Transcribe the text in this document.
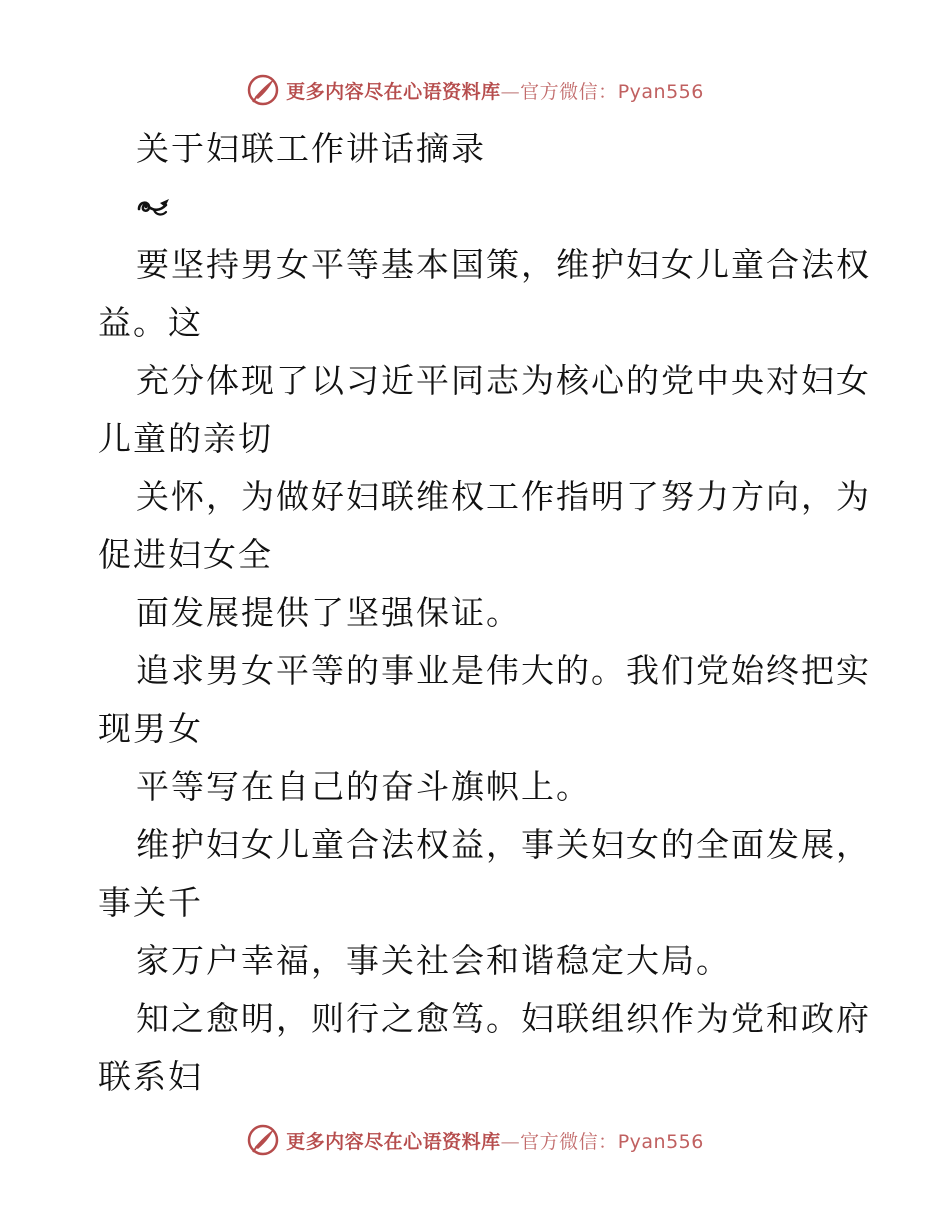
更多内容尽在心语资料库—官方微信：Pyan556
关于妇联工作讲话摘录
要坚持男女平等基本国策，维护妇女儿童合法权
益。这
充分体现了以习近平同志为核心的党中央对妇女
儿童的亲切
关怀，为做好妇联维权工作指明了努力方向，为
促进妇女全
面发展提供了坚强保证。
追求男女平等的事业是伟大的。我们党始终把实
现男女
平等写在自己的奋斗旗帜上。
维护妇女儿童合法权益，事关妇女的全面发展，
事关千
家万户幸福，事关社会和谐稳定大局。
知之愈明，则行之愈笃。妇联组织作为党和政府
联系妇
更多内容尽在心语资料库—官方微信：Pyan556
